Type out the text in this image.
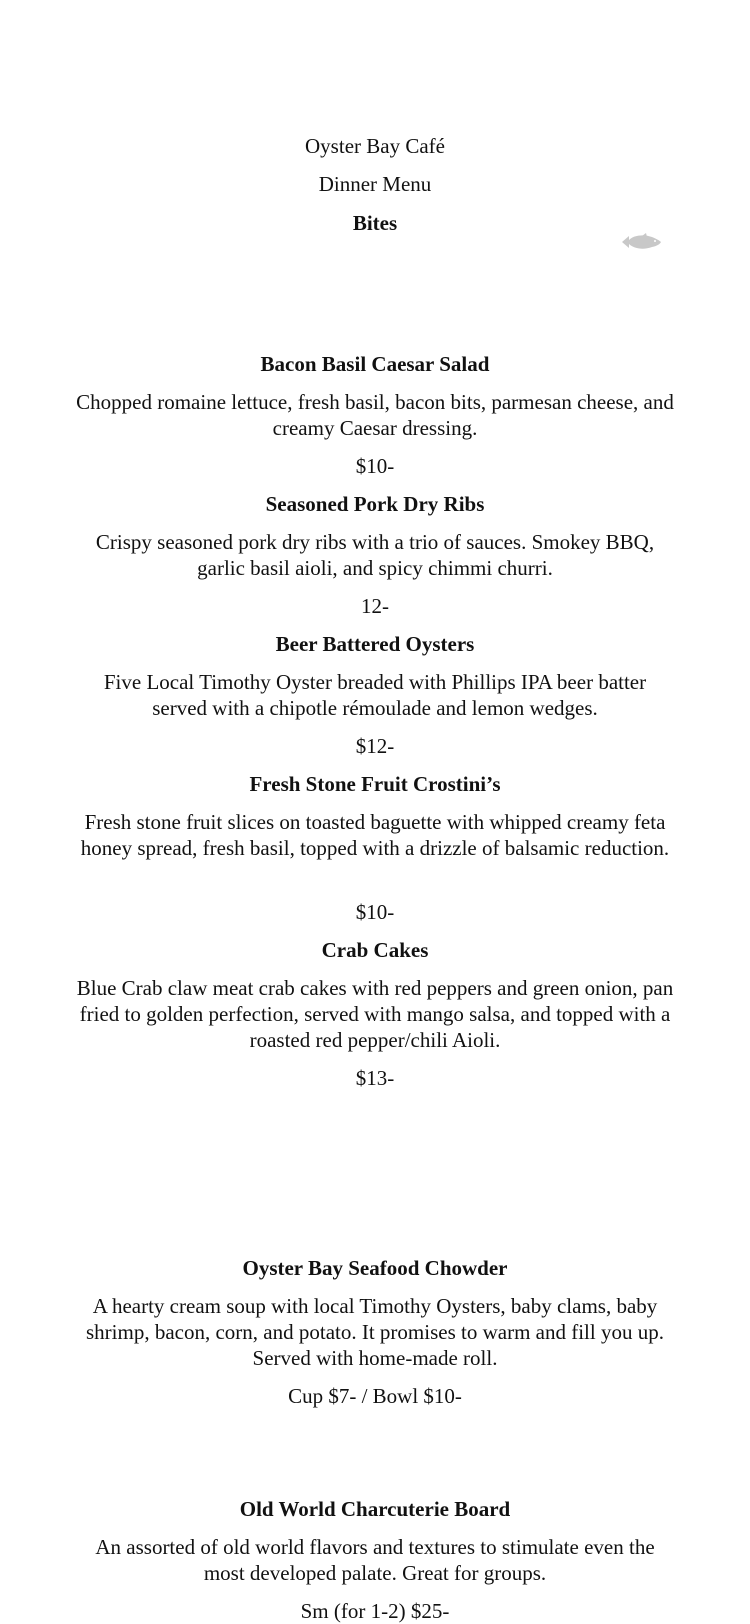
Oyster Bay Café
Dinner Menu
Bites
Bacon Basil Caesar Salad
Chopped romaine lettuce, fresh basil, bacon bits, parmesan cheese, and creamy Caesar dressing.
$10-
Seasoned Pork Dry Ribs
Crispy seasoned pork dry ribs with a trio of sauces. Smokey BBQ, garlic basil aioli, and spicy chimmi churri.
12-
Beer Battered Oysters
Five Local Timothy Oyster breaded with Phillips IPA beer batter served with a chipotle rémoulade and lemon wedges.
$12-
Fresh Stone Fruit Crostini’s
Fresh stone fruit slices on toasted baguette with whipped creamy feta honey spread, fresh basil, topped with a drizzle of balsamic reduction.
$10-
Crab Cakes
Blue Crab claw meat crab cakes with red peppers and green onion, pan fried to golden perfection, served with mango salsa, and topped with a roasted red pepper/chili Aioli.
$13-
Oyster Bay Seafood Chowder
A hearty cream soup with local Timothy Oysters, baby clams, baby shrimp, bacon, corn, and potato. It promises to warm and fill you up. Served with home-made roll.
Cup $7- / Bowl $10-
Old World Charcuterie Board
An assorted of old world flavors and textures to stimulate even the most developed palate. Great for groups.
Sm (for 1-2) $25-
